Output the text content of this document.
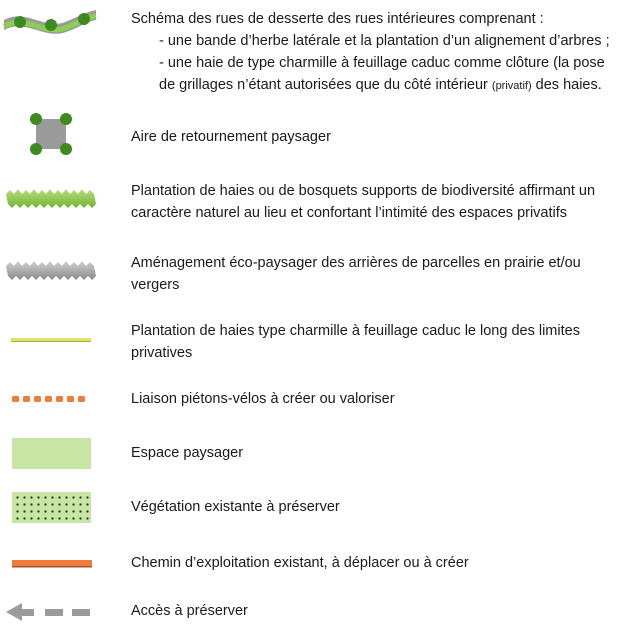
Schéma des rues de desserte des rues intérieures comprenant :
- une bande d’herbe latérale et la plantation d’un alignement d’arbres ;
- une haie de type charmille à feuillage caduc comme clôture (la pose
de grillages n’étant autorisées que du côté intérieur (privatif) des haies.
Aire de retournement paysager
Plantation de haies ou de bosquets supports de biodiversité affirmant un
caractère naturel au lieu et confortant l’intimité des espaces privatifs
Aménagement éco-paysager des arrières de parcelles en prairie et/ou
vergers
Plantation de haies type charmille à feuillage caduc le long des limites
privatives
Liaison piétons-vélos à créer ou valoriser
Espace paysager
Végétation existante à préserver
Chemin d’exploitation existant, à déplacer ou à créer
Accès à préserver
